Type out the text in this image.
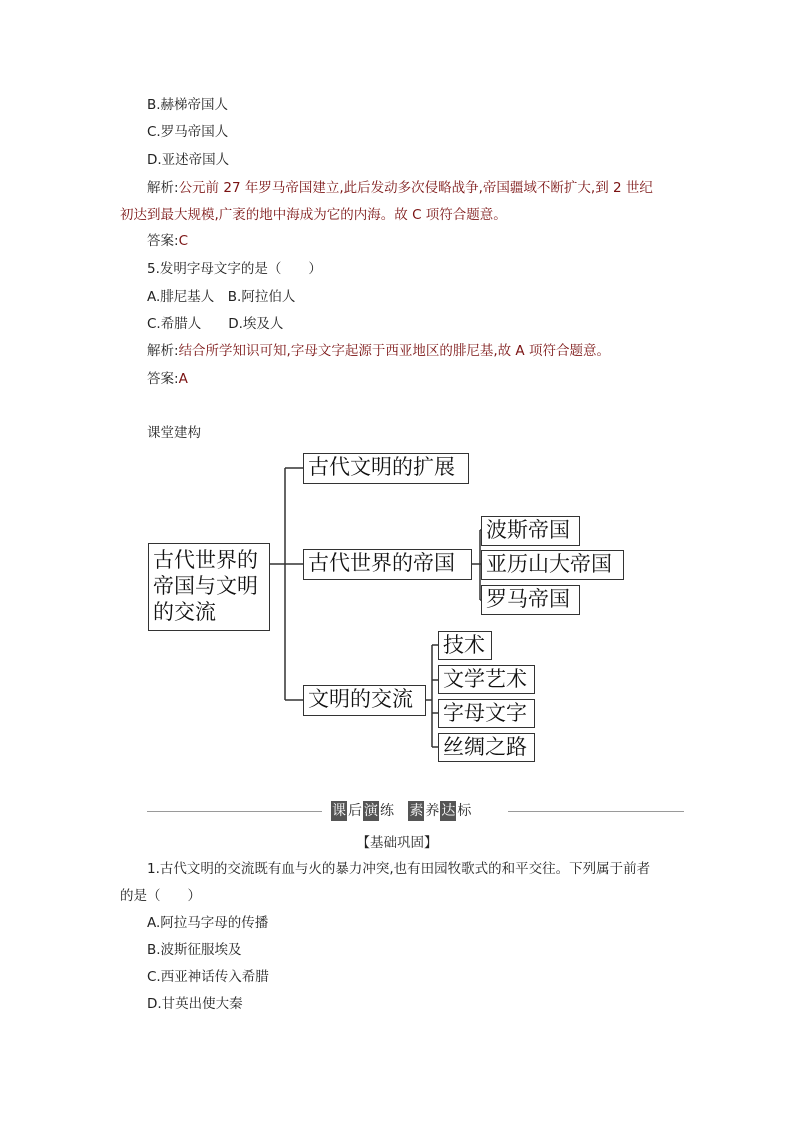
B.赫梯帝国人
C.罗马帝国人
D.亚述帝国人
解析:公元前 27 年罗马帝国建立,此后发动多次侵略战争,帝国疆域不断扩大,到 2 世纪
初达到最大规模,广袤的地中海成为它的内海。故 C 项符合题意。
答案:C
5.发明字母文字的是（　　）
A.腓尼基人　B.阿拉伯人
C.希腊人　　D.埃及人
解析:结合所学知识可知,字母文字起源于西亚地区的腓尼基,故 A 项符合题意。
答案:A
课堂建构
古代世界的
帝国与文明
的交流
古代文明的扩展
古代世界的帝国
文明的交流
波斯帝国
亚历山大帝国
罗马帝国
技术
文学艺术
字母文字
丝绸之路
课 后 演 练 素 养 达 标
【基础巩固】
1.古代文明的交流既有血与火的暴力冲突,也有田园牧歌式的和平交往。下列属于前者
的是（　　）
A.阿拉马字母的传播
B.波斯征服埃及
C.西亚神话传入希腊
D.甘英出使大秦
